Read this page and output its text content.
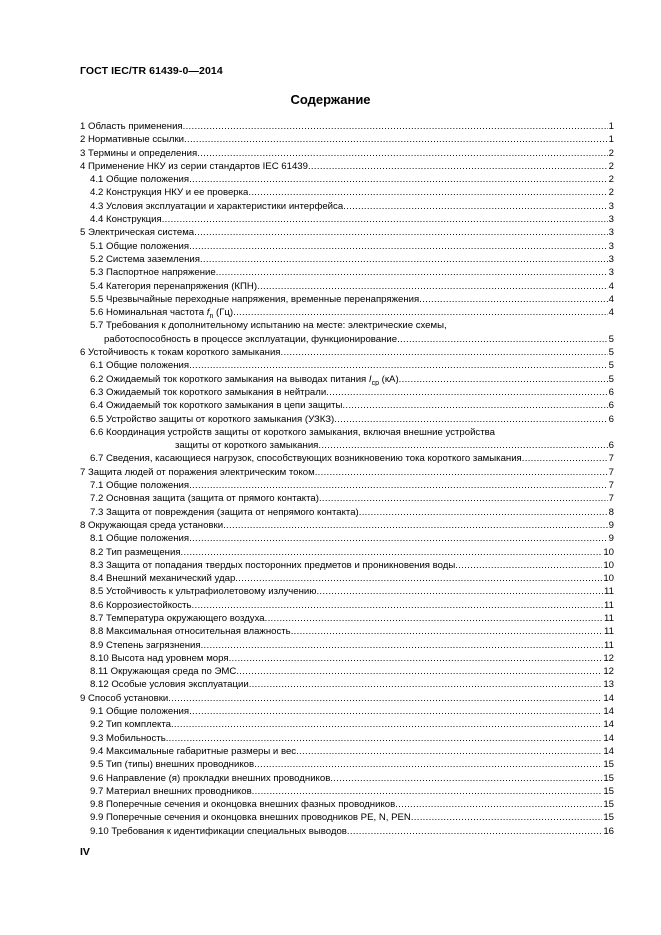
ГОСТ IEC/TR 61439-0—2014
Содержание
1 Область применения .....	1
2 Нормативные ссылки .....	1
3 Термины и определения .....	2
4 Применение НКУ из серии стандартов IEC 61439 .....	2
4.1 Общие положения .....	2
4.2 Конструкция НКУ и ее проверка .....	2
4.3 Условия эксплуатации и характеристики интерфейса .....	3
4.4 Конструкция .....	3
5 Электрическая система .....	3
5.1 Общие положения .....	3
5.2 Система заземления .....	3
5.3 Паспортное напряжение .....	3
5.4 Категория перенапряжения (КПН) .....	4
5.5 Чрезвычайные переходные напряжения, временные перенапряжения .....	4
5.6 Номинальная частота $f_n$ (Гц) .....	4
5.7 Требования к дополнительному испытанию на месте: электрические схемы,
работоспособность в процессе эксплуатации, функционирование .....	5
6 Устойчивость к токам короткого замыкания .....	5
6.1 Общие положения .....	5
6.2 Ожидаемый ток короткого замыкания на выводах питания $I_{cp}$ (кА) .....	5
6.3 Ожидаемый ток короткого замыкания в нейтрали .....	6
6.4 Ожидаемый ток короткого замыкания в цепи защиты .....	6
6.5 Устройство защиты от короткого замыкания (УЗКЗ) .....	6
6.6 Координация устройств защиты от короткого замыкания, включая внешние устройства
защиты от короткого замыкания .....	6
6.7 Сведения, касающиеся нагрузок, способствующих возникновению тока короткого замыкания .....	7
7 Защита людей от поражения электрическим током .....	7
7.1 Общие положения .....	7
7.2 Основная защита (защита от прямого контакта) .....	7
7.3 Защита от повреждения (защита от непрямого контакта) .....	8
8 Окружающая среда установки .....	9
8.1 Общие положения .....	9
8.2 Тип размещения .....	10
8.3 Защита от попадания твердых посторонних предметов и проникновения воды .....	10
8.4 Внешний механический удар .....	10
8.5 Устойчивость к ультрафиолетовому излучению .....	11
8.6 Коррозиестойкость .....	11
8.7 Температура окружающего воздуха .....	11
8.8 Максимальная относительная влажность .....	11
8.9 Степень загрязнения .....	11
8.10 Высота над уровнем моря .....	12
8.11 Окружающая среда по ЭМС .....	12
8.12 Особые условия эксплуатации .....	13
9 Способ установки .....	14
9.1 Общие положения .....	14
9.2 Тип комплекта .....	14
9.3 Мобильность .....	14
9.4 Максимальные габаритные размеры и вес .....	14
9.5 Тип (типы) внешних проводников .....	15
9.6 Направление (я) прокладки внешних проводников .....	15
9.7 Материал внешних проводников .....	15
9.8 Поперечные сечения и оконцовка внешних фазных проводников .....	15
9.9 Поперечные сечения и оконцовка внешних проводников PE, N, PEN .....	15
9.10 Требования к идентификации специальных выводов .....	16
IV
